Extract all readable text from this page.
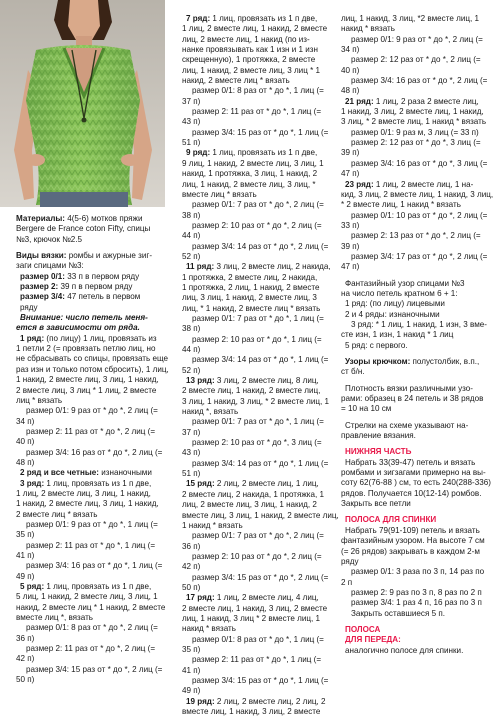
Материалы: 4(5-6) мотков пряжи
Bergere de France coton Fifty, спицы
№3, крючок №2.5
Виды вязки: ромбы и ажурные зиг-
заги спицами №3:
размер 0/1: 33 п в первом ряду
размер 2: 39 п в первом ряду
размер 3/4: 47 петель в первом
ряду
Внимание: число петель меня-
ется в зависимости от ряда.
1 ряд: (по лицу) 1 лиц, провязать из
1 петли 2 (= провязать петлю лиц, но
не сбрасывать со спицы, провязать еще
раз изн и только потом сбросить), 1 лиц,
1 накид, 2 вместе лиц, 3 лиц, 1 накид,
2 вместе лиц, 3 лиц * 1 лиц, 2 вместе
лиц * вязать
размер 0/1: 9 раз от * до *, 2 лиц (=
34 п)
размер 2: 11 раз от * до *, 2 лиц (=
40 п)
размер 3/4: 16 раз от * до *, 2 лиц (=
48 п)
2 ряд и все четные: изнаночными
3 ряд: 1 лиц, провязать из 1 п две,
1 лиц, 2 вместе лиц, 3 лиц, 1 накид,
1 накид, 2 вместе лиц, 3 лиц, 1 накид,
2 вместе лиц * вязать
размер 0/1: 9 раз от * до *, 1 лиц (=
35 п)
размер 2: 11 раз от * до *, 1 лиц (=
41 п)
размер 3/4: 16 раз от * до *, 1 лиц (=
49 п)
5 ряд: 1 лиц, провязать из 1 п две,
5 лиц, 1 накид, 2 вместе лиц, 3 лиц, 1
накид, 2 вместе лиц * 1 накид, 2 вместе
вместе лиц *, вязать
размер 0/1: 8 раз от * до *, 2 лиц (=
36 п)
размер 2: 11 раз от * до *, 2 лиц (=
42 п)
размер 3/4: 15 раз от * до *, 2 лиц (=
50 п)
7 ряд: 1 лиц, провязать из 1 п две,
1 лиц, 2 вместе лиц, 1 накид, 2 вместе
лиц, 2 вместе лиц, 1 накид (по из-
нанке провязывать как 1 изн и 1 изн
скрещенную), 1 протяжка, 2 вместе
лиц, 1 накид, 2 вместе лиц, 3 лиц * 1
накид, 2 вместе лиц * вязать
размер 0/1: 8 раз от * до *, 1 лиц (=
37 п)
размер 2: 11 раз от * до *, 1 лиц (=
43 п)
размер 3/4: 15 раз от * до *, 1 лиц (=
51 п)
9 ряд: 1 лиц, провязать из 1 п две,
9 лиц, 1 накид, 2 вместе лиц, 3 лиц, 1
накид, 1 протяжка, 3 лиц, 1 накид, 2
лиц, 1 накид, 2 вместе лиц, 3 лиц, *
вместе лиц * вязать
размер 0/1: 7 раз от * до *, 2 лиц (=
38 п)
размер 2: 10 раз от * до *, 2 лиц (=
44 п)
размер 3/4: 14 раз от * до *, 2 лиц (=
52 п)
11 ряд: 3 лиц, 2 вместе лиц, 2 накида,
1 протяжка, 2 вместе лиц, 2 накида,
1 протяжка, 2 лиц, 1 накид, 2 вместе
лиц, 3 лиц, 1 накид, 2 вместе лиц, 3
лиц, * 1 накид, 2 вместе лиц * вязать
размер 0/1: 7 раз от * до *, 1 лиц (=
38 п)
размер 2: 10 раз от * до *, 1 лиц (=
44 п)
размер 3/4: 14 раз от * до *, 1 лиц (=
52 п)
13 ряд: 3 лиц, 2 вместе лиц, 8 лиц,
2 вместе лиц, 1 накид, 2 вместе лиц,
3 лиц, 1 накид, 3 лиц, * 2 вместе лиц, 1
накид *, вязать
размер 0/1: 7 раз от * до *, 1 лиц (=
37 п)
размер 2: 10 раз от * до *, 3 лиц (=
43 п)
размер 3/4: 14 раз от * до *, 1 лиц (=
51 п)
15 ряд: 2 лиц, 2 вместе лиц, 1 лиц,
2 вместе лиц, 2 накида, 1 протяжка, 1
лиц, 2 вместе лиц, 3 лиц, 1 накид, 2
вместе лиц, 3 лиц, 1 накид, 2 вместе лиц,
1 накид * вязать
размер 0/1: 7 раз от * до *, 2 лиц (=
36 п)
размер 2: 10 раз от * до *, 2 лиц (=
42 п)
размер 3/4: 15 раз от * до *, 2 лиц (=
50 п)
17 ряд: 1 лиц, 2 вместе лиц, 4 лиц,
2 вместе лиц, 1 накид, 3 лиц, 2 вместе
лиц, 1 накид, 3 лиц * 2 вместе лиц, 1
накид * вязать
размер 0/1: 8 раз от * до *, 1 лиц (=
35 п)
размер 2: 11 раз от * до *, 1 лиц (=
41 п)
размер 3/4: 15 раз от * до *, 1 лиц (=
49 п)
19 ряд: 2 лиц, 2 вместе лиц, 2 лиц, 2
вместе лиц, 1 накид, 3 лиц, 2 вместе
лиц, 1 накид, 3 лиц, *2 вместе лиц, 1
накид * вязать
размер 0/1: 9 раз от * до *, 2 лиц (=
34 п)
размер 2: 12 раз от * до *, 2 лиц (=
40 п)
размер 3/4: 16 раз от * до *, 2 лиц (=
48 п)
21 ряд: 1 лиц, 2 раза 2 вместе лиц,
1 накид, 3 лиц, 2 вместе лиц, 1 накид,
3 лиц, * 2 вместе лиц, 1 накид * вязать
размер 0/1: 9 раз м, 3 лиц (= 33 п)
размер 2: 12 раз от * до *, 3 лиц (=
39 п)
размер 3/4: 16 раз от * до *, 3 лиц (=
47 п)
23 ряд: 1 лиц, 2 вместе лиц, 1 на-
кид, 3 лиц, 2 вместе лиц, 1 накид, 3 лиц,
* 2 вместе лиц, 1 накид * вязать
размер 0/1: 10 раз от * до *, 2 лиц (=
33 п)
размер 2: 13 раз от * до *, 2 лиц (=
39 п)
размер 3/4: 17 раз от * до *, 2 лиц (=
47 п)
Фантазийный узор спицами №3
на число петель кратном 6 + 1:
1 ряд: (по лицу) лицевыми
2 и 4 ряды: изнаночными
3 ряд: * 1 лиц, 1 накид, 1 изн, 3 вме-
сте изн, 1 изн, 1 накид * 1 лиц
5 ряд: с первого.
Узоры крючком: полустолбик, в.п.,
ст б/н.
Плотность вязки различными узо-
рами: образец в 24 петель и 38 рядов
= 10 на 10 см
Стрелки на схеме указывают на-
правление вязания.
НИЖНЯЯ ЧАСТЬ
Набрать 33(39-47) петель и вязать
ромбами и зигзагами примерно на вы-
соту 62(76-88 ) см, то есть 240(288-336)
рядов. Получается 10(12-14) ромбов.
Закрыть все петли
ПОЛОСА ДЛЯ СПИНКИ
Набрать 79(91-109) петель и вязать
фантазийным узором. На высоте 7 см
(= 26 рядов) закрывать в каждом 2-м
ряду
размер 0/1: 3 раза по 3 п, 14 раз по
2 п
размер 2: 9 раз по 3 п, 8 раз по 2 п
размер 3/4: 1 раз 4 п, 16 раз по 3 п
Закрыть оставшиеся 5 п.
ПОЛОСА
ДЛЯ ПЕРЕДА:
аналогично полосе для спинки.
